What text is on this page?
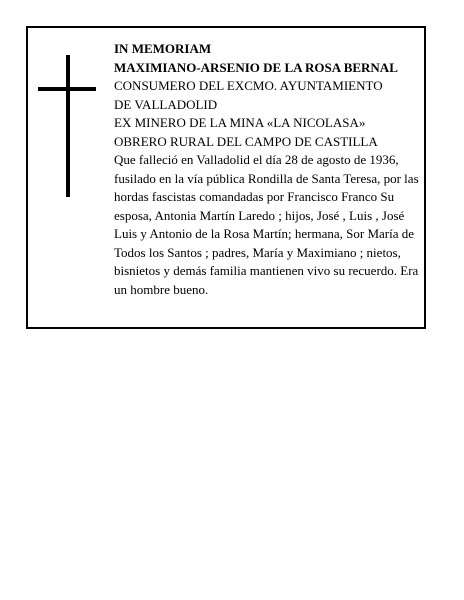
IN MEMORIAM

MAXIMIANO-ARSENIO DE LA ROSA BERNAL

CONSUMERO DEL EXCMO. AYUNTAMIENTO

DE VALLADOLID

EX MINERO DE LA MINA «LA NICOLASA»

OBRERO RURAL DEL CAMPO DE CASTILLA

Que falleció en Valladolid el día 28 de agosto de 1936, fusilado en la vía pública Rondilla de Santa Teresa, por las hordas fascistas comandadas por Francisco Franco Su esposa, Antonia Martín Laredo ; hijos, José , Luis , José Luis y Antonio de la Rosa Martín; hermana, Sor María de Todos los Santos ; padres, María y Maximiano ; nietos, bisnietos y demás familia mantienen vivo su recuerdo. Era un hombre bueno.
